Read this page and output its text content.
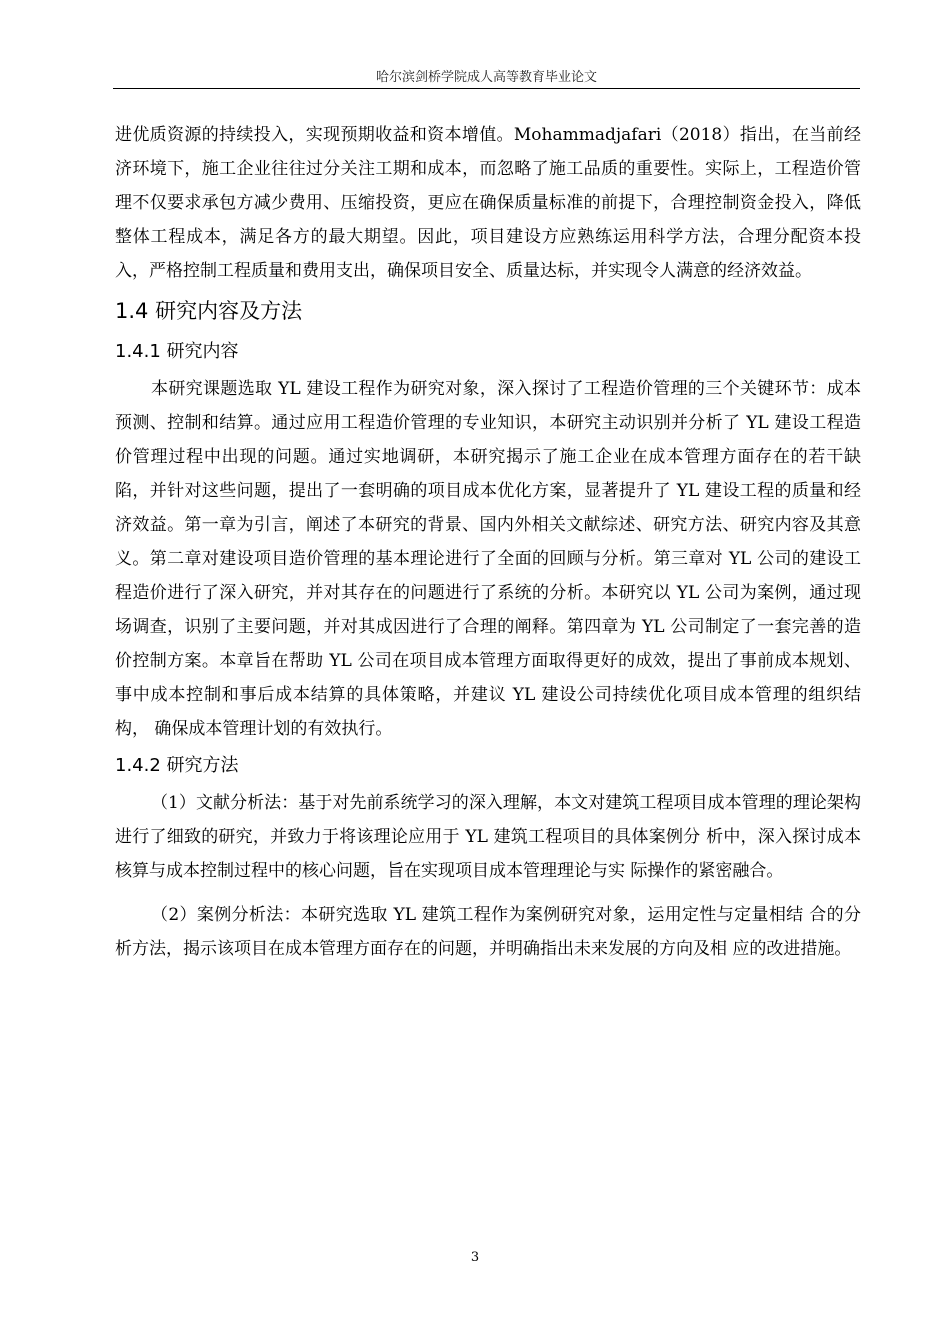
哈尔滨剑桥学院成人高等教育毕业论文

进优质资源的持续投入，实现预期收益和资本增值。Mohammadjafari（2018）指出，在当前经济环境下，施工企业往往过分关注工期和成本，而忽略了施工品质的重要性。实际上，工程造价管理不仅要求承包方减少费用、压缩投资，更应在确保质量标准的前提下，合理控制资金投入，降低整体工程成本，满足各方的最大期望。因此，项目建设方应熟练运用科学方法，合理分配资本投入，严格控制工程质量和费用支出，确保项目安全、质量达标，并实现令人满意的经济效益。

1.4 研究内容及方法
1.4.1 研究内容

本研究课题选取 YL 建设工程作为研究对象，深入探讨了工程造价管理的三个关键环节：成本预测、控制和结算。通过应用工程造价管理的专业知识，本研究主动识别并分析了 YL 建设工程造价管理过程中出现的问题。通过实地调研，本研究揭示了施工企业在成本管理方面存在的若干缺陷，并针对这些问题，提出了一套明确的项目成本优化方案，显著提升了 YL 建设工程的质量和经济效益。第一章为引言，阐述了本研究的背景、国内外相关文献综述、研究方法、研究内容及其意义。第二章对建设项目造价管理的基本理论进行了全面的回顾与分析。第三章对 YL 公司的建设工程造价进行了深入研究，并对其存在的问题进行了系统的分析。本研究以 YL 公司为案例，通过现场调查，识别了主要问题，并对其成因进行了合理的阐释。第四章为 YL 公司制定了一套完善的造价控制方案。本章旨在帮助 YL 公司在项目成本管理方面取得更好的成效，提出了事前成本规划、事中成本控制和事后成本结算的具体策略，并建议 YL 建设公司持续优化项目成本管理的组织结构， 确保成本管理计划的有效执行。

1.4.2 研究方法

（1）文献分析法：基于对先前系统学习的深入理解，本文对建筑工程项目成本管理的理论架构进行了细致的研究，并致力于将该理论应用于 YL 建筑工程项目的具体案例分 析中，深入探讨成本核算与成本控制过程中的核心问题，旨在实现项目成本管理理论与实 际操作的紧密融合。

（2）案例分析法：本研究选取 YL 建筑工程作为案例研究对象，运用定性与定量相结 合的分析方法，揭示该项目在成本管理方面存在的问题，并明确指出未来发展的方向及相 应的改进措施。

3
